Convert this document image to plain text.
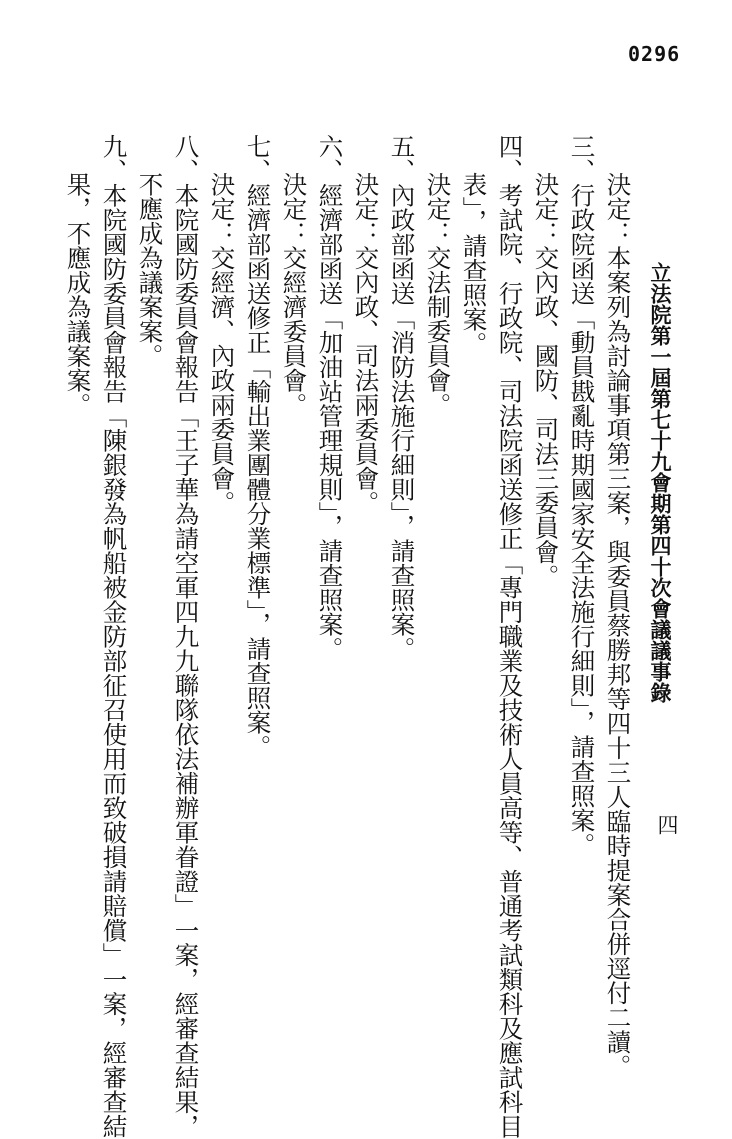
0296
立法院第一屆第七十九會期第四十次會議議事錄
四
決定：本案列為討論事項第三案，與委員蔡勝邦等四十三人臨時提案合併逕付二讀。
三、行政院函送「動員戡亂時期國家安全法施行細則」，請查照案。
決定：交內政、國防、司法三委員會。
四、考試院、行政院、司法院函送修正「專門職業及技術人員高等、普通考試類科及應試科目
表」，請查照案。
決定：交法制委員會。
五、內政部函送「消防法施行細則」，請查照案。
決定：交內政、司法兩委員會。
六、經濟部函送「加油站管理規則」，請查照案。
決定：交經濟委員會。
七、經濟部函送修正「輸出業團體分業標準」，請查照案。
決定：交經濟、內政兩委員會。
八、本院國防委員會報告「王子華為請空軍四九九聯隊依法補辦軍眷證」一案，經審查結果，
不應成為議案案。
九、本院國防委員會報告「陳銀發為帆船被金防部征召使用而致破損請賠償」一案，經審查結
果，不應成為議案案。
